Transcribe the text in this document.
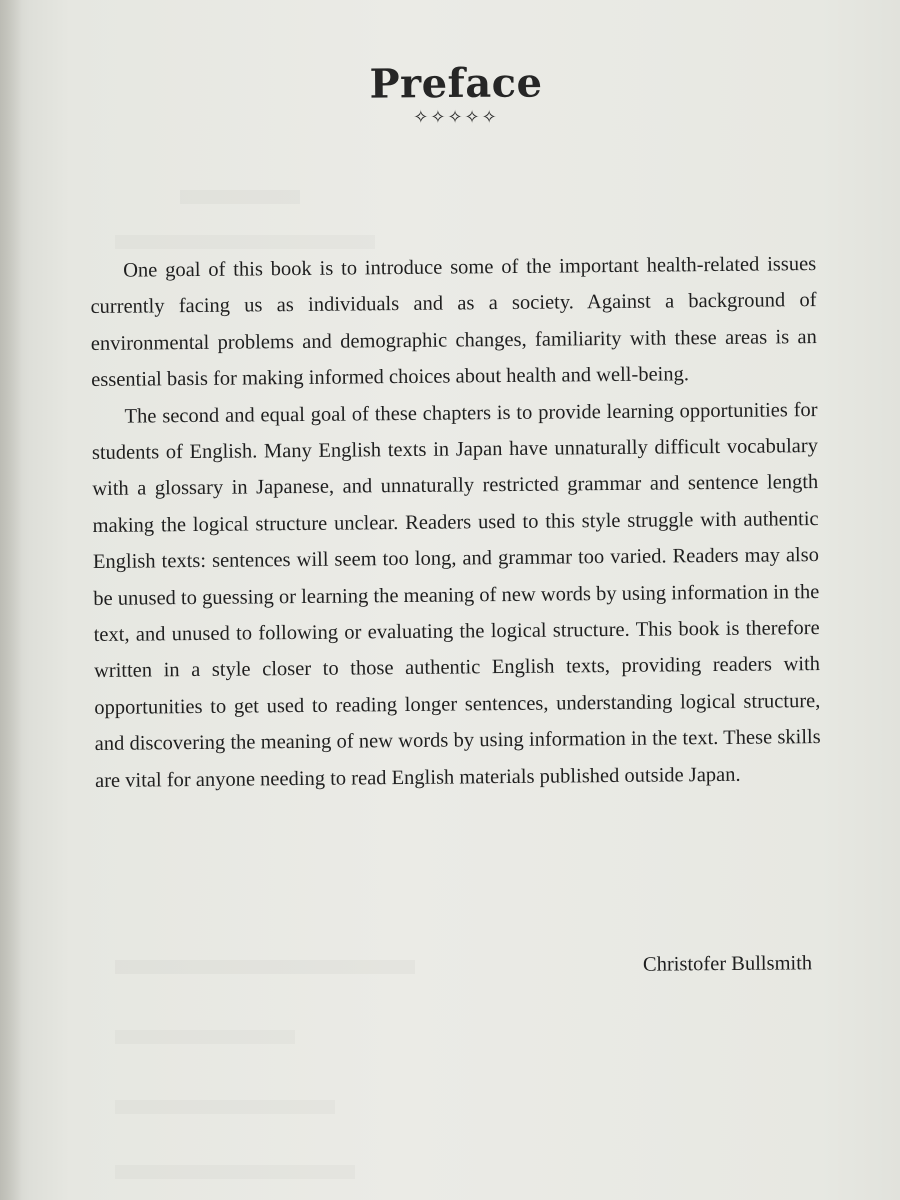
Preface
✧✧✧✧✧

One goal of this book is to introduce some of the important health-related issues currently facing us as individuals and as a society. Against a background of environmental problems and demographic changes, familiarity with these areas is an essential basis for making informed choices about health and well-being.

The second and equal goal of these chapters is to provide learning opportunities for students of English. Many English texts in Japan have unnaturally difficult vocabulary with a glossary in Japanese, and unnaturally restricted grammar and sentence length making the logical structure unclear. Readers used to this style struggle with authentic English texts: sentences will seem too long, and grammar too varied. Readers may also be unused to guessing or learning the meaning of new words by using information in the text, and unused to following or evaluating the logical structure. This book is therefore written in a style closer to those authentic English texts, providing readers with opportunities to get used to reading longer sentences, understanding logical structure, and discovering the meaning of new words by using information in the text. These skills are vital for anyone needing to read English materials published outside Japan.

Christofer Bullsmith
